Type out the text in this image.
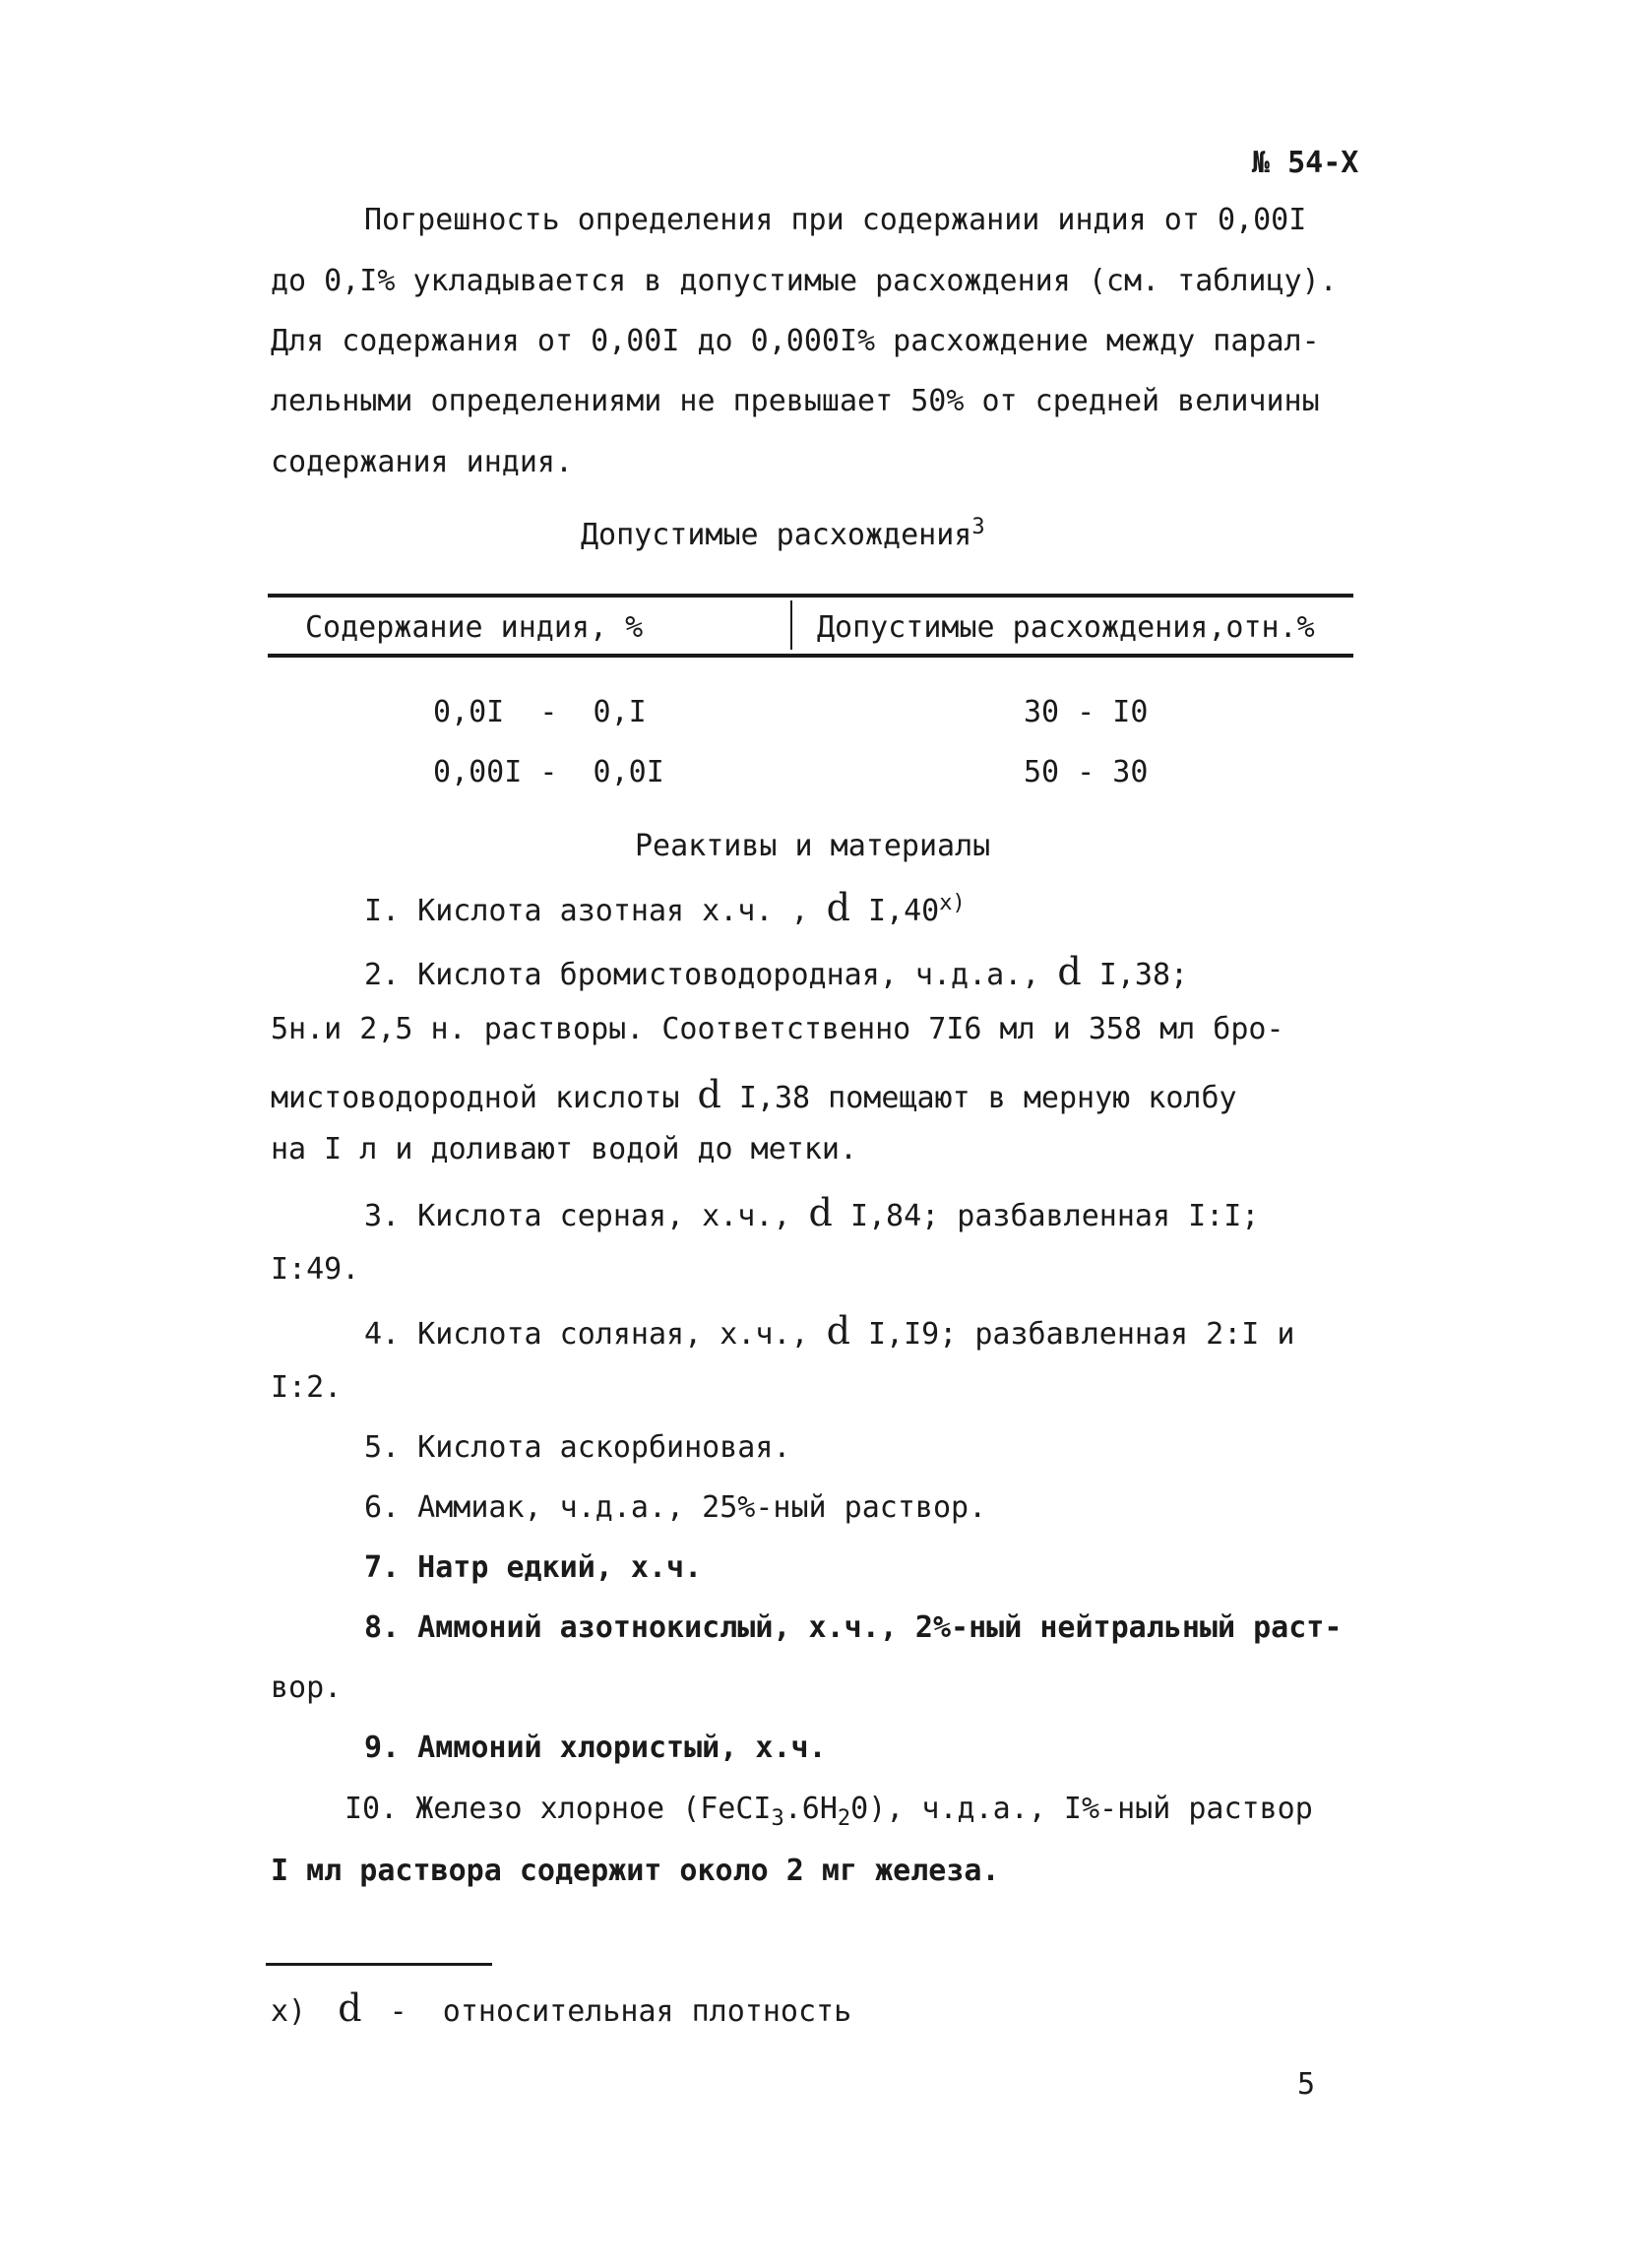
№ 54-Х
Погрешность определения при содержании индия от 0,00I
до 0,I% укладывается в допустимые расхождения (см. таблицу).
Для содержания от 0,00I до 0,000I% расхождение между парал-
лельными определениями не превышает 50% от средней величины
содержания индия.
Допустимые расхождения$^3$
Содержание индия, %	Допустимые расхождения,отн.%
0,0I  -  0,I	30 - I0
0,00I -  0,0I	50 - 30
Реактивы и материалы
I. Кислота азотная х.ч. , d $I,40^{х)}$
2. Кислота бромистоводородная, ч.д.а., d I,38;
5н.и 2,5 н. растворы. Соответственно 7I6 мл и 358 мл бро-
мистоводородной кислоты d I,38 помещают в мерную колбу
на I л и доливают водой до метки.
3. Кислота серная, х.ч., d I,84; разбавленная I:I;
I:49.
4. Кислота соляная, х.ч., d I,I9; разбавленная 2:I и
I:2.
5. Кислота аскорбиновая.
6. Аммиак, ч.д.а., 25%-ный раствор.
7. Натр едкий, х.ч.
8. Аммоний азотнокислый, х.ч., 2%-ный нейтральный раст-
вор.
9. Аммоний хлористый, х.ч.
I0. Железо хлорное $(FeCI_3.6H_20)$, ч.д.а., I%-ный раствор
I мл раствора содержит около 2 мг железа.
х) d -  относительная плотность
5
